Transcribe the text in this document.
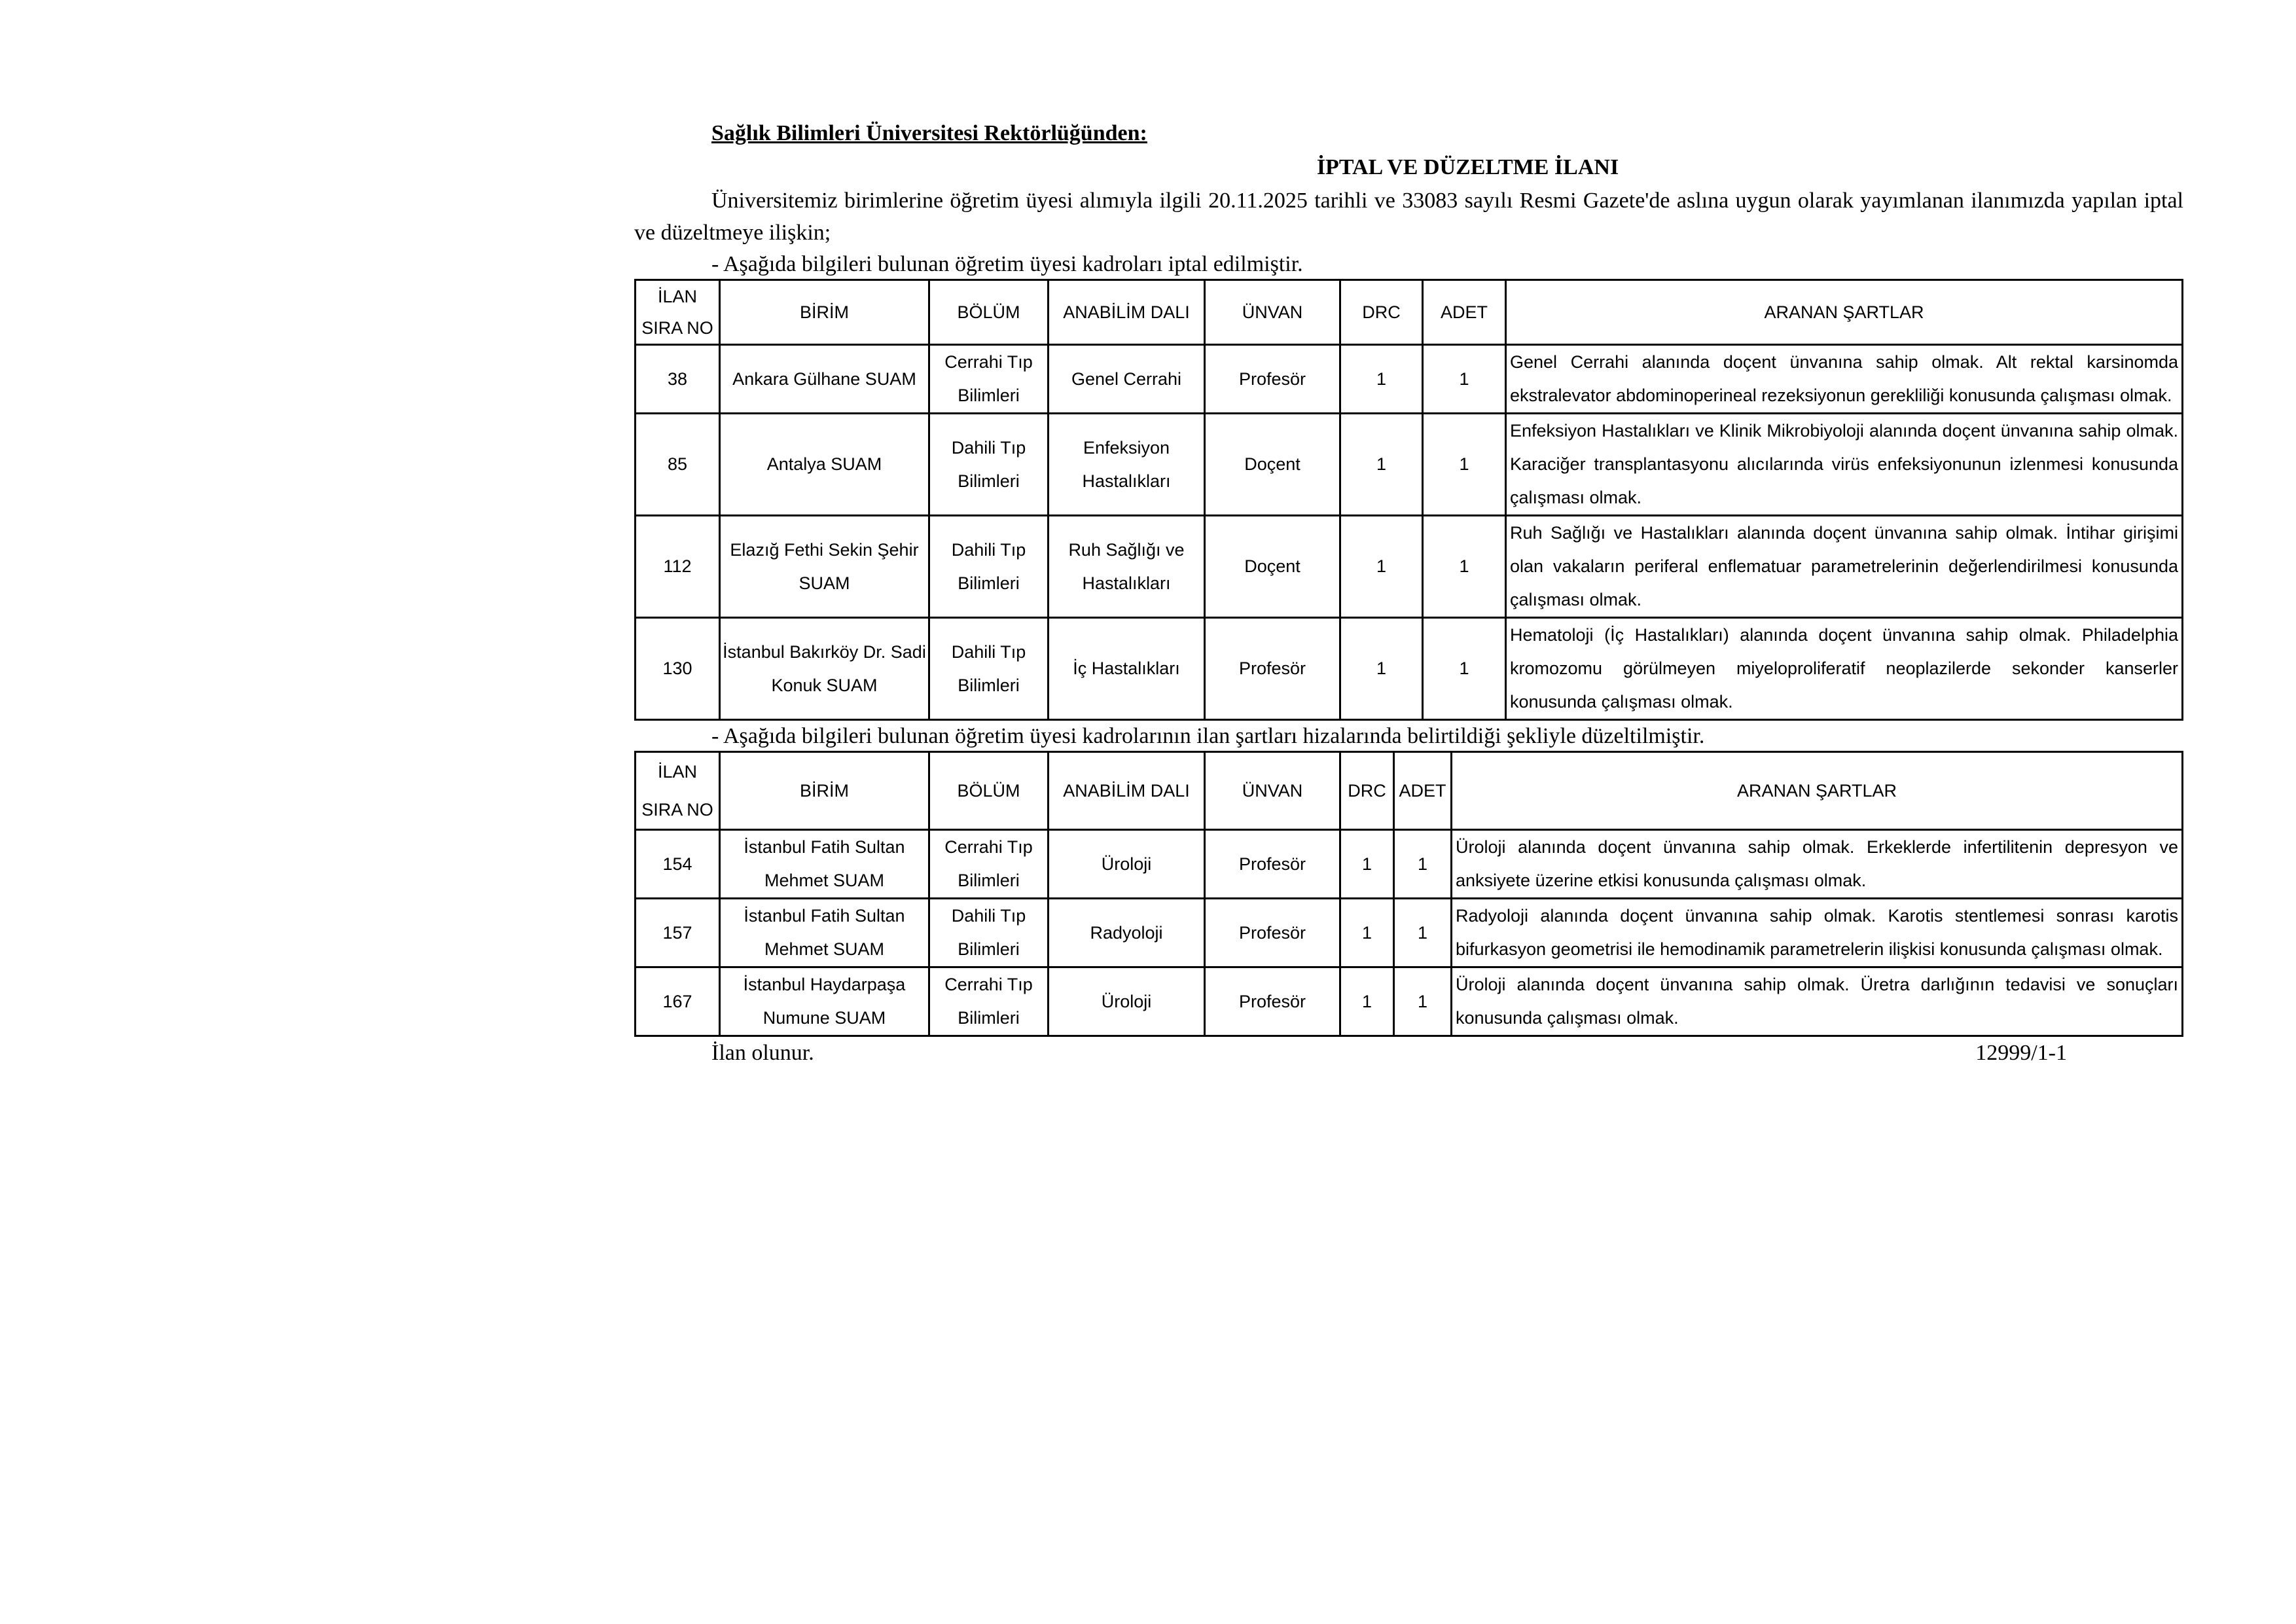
Sağlık Bilimleri Üniversitesi Rektörlüğünden:
İPTAL VE DÜZELTME İLANI

Üniversitemiz birimlerine öğretim üyesi alımıyla ilgili 20.11.2025 tarihli ve 33083 sayılı Resmi Gazete'de aslına uygun olarak yayımlanan ilanımızda yapılan iptal ve düzeltmeye ilişkin;

- Aşağıda bilgileri bulunan öğretim üyesi kadroları iptal edilmiştir.
İLAN SIRA NO	BİRİM	BÖLÜM	ANABİLİM DALI	ÜNVAN	DRC	ADET	ARANAN ŞARTLAR
38	Ankara Gülhane SUAM	Cerrahi Tıp Bilimleri	Genel Cerrahi	Profesör	1	1	Genel Cerrahi alanında doçent ünvanına sahip olmak. Alt rektal karsinomda ekstralevator abdominoperineal rezeksiyonun gerekliliği konusunda çalışması olmak.
85	Antalya SUAM	Dahili Tıp Bilimleri	Enfeksiyon Hastalıkları	Doçent	1	1	Enfeksiyon Hastalıkları ve Klinik Mikrobiyoloji alanında doçent ünvanına sahip olmak. Karaciğer transplantasyonu alıcılarında virüs enfeksiyonunun izlenmesi konusunda çalışması olmak.
112	Elazığ Fethi Sekin Şehir SUAM	Dahili Tıp Bilimleri	Ruh Sağlığı ve Hastalıkları	Doçent	1	1	Ruh Sağlığı ve Hastalıkları alanında doçent ünvanına sahip olmak. İntihar girişimi olan vakaların periferal enflematuar parametrelerinin değerlendirilmesi konusunda çalışması olmak.
130	İstanbul Bakırköy Dr. Sadi Konuk SUAM	Dahili Tıp Bilimleri	İç Hastalıkları	Profesör	1	1	Hematoloji (İç Hastalıkları) alanında doçent ünvanına sahip olmak. Philadelphia kromozomu görülmeyen miyeloproliferatif neoplazilerde sekonder kanserler konusunda çalışması olmak.
- Aşağıda bilgileri bulunan öğretim üyesi kadrolarının ilan şartları hizalarında belirtildiği şekliyle düzeltilmiştir.
İLAN SIRA NO	BİRİM	BÖLÜM	ANABİLİM DALI	ÜNVAN	DRC	ADET	ARANAN ŞARTLAR
154	İstanbul Fatih Sultan Mehmet SUAM	Cerrahi Tıp Bilimleri	Üroloji	Profesör	1	1	Üroloji alanında doçent ünvanına sahip olmak. Erkeklerde infertilitenin depresyon ve anksiyete üzerine etkisi konusunda çalışması olmak.
157	İstanbul Fatih Sultan Mehmet SUAM	Dahili Tıp Bilimleri	Radyoloji	Profesör	1	1	Radyoloji alanında doçent ünvanına sahip olmak. Karotis stentlemesi sonrası karotis bifurkasyon geometrisi ile hemodinamik parametrelerin ilişkisi konusunda çalışması olmak.
167	İstanbul Haydarpaşa Numune SUAM	Cerrahi Tıp Bilimleri	Üroloji	Profesör	1	1	Üroloji alanında doçent ünvanına sahip olmak. Üretra darlığının tedavisi ve sonuçları konusunda çalışması olmak.
İlan olunur.	12999/1-1
